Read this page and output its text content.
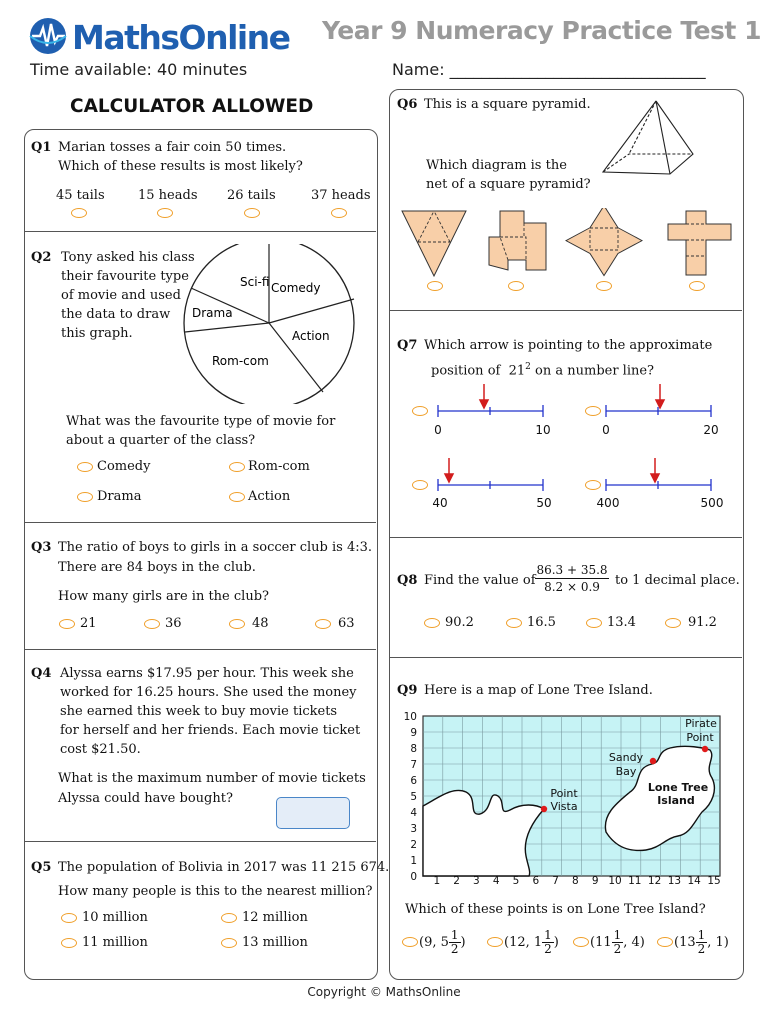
MathsOnline Year 9 Numeracy Practice Test 1
Time available: 40 minutes	Name: ________________________________
CALCULATOR ALLOWED
Q1 Marian tosses a fair coin 50 times.
Which of these results is most likely?
45 tails	15 heads 26 tails	37 heads
Q2 Tony asked his class
their favourite type
of movie and used
the data to draw
this graph.
Sci-fi Comedy
Drama
Action
Rom-com
What was the favourite type of movie for
about a quarter of the class?
Comedy	Rom-com
Drama	Action
Q3 The ratio of boys to girls in a soccer club is 4:3.
There are 84 boys in the club.
How many girls are in the club?
21	36	48	63
Q4 Alyssa earns $17.95 per hour. This week she
worked for 16.25 hours. She used the money
she earned this week to buy movie tickets
for herself and her friends. Each movie ticket
cost $21.50.
What is the maximum number of movie tickets
Alyssa could have bought?
Q5 The population of Bolivia in 2017 was 11 215 674.
How many people is this to the nearest million?
10 million	12 million
11 million	13 million
Q6 This is a square pyramid.
Which diagram is the
net of a square pyramid?
Q7 Which arrow is pointing to the approximate
position of $21^2$ on a number line?
0	10	0	20
40	50	400	500
Q8 Find the value of $\frac{86.3 + 35.8}{8.2 \times 0.9}$ to 1 decimal place.
90.2	16.5	13.4	91.2
Q9 Here is a map of Lone Tree Island.
Pirate
Point
Sandy
Bay
Point
Vista
Lone Tree
Island
1 2 3 4 5 6 7 8 9 10 11 12 13 14 15
1
2
3
4
5
6
7
8
9
10
0
Which of these points is on Lone Tree Island?
(9, $5 \frac{1}{2}$ )	(12, $1 \frac{1}{2}$ ) ($11 \frac{1}{2}$ , 4) ($13 \frac{1}{2}$ , 1)
Copyright © MathsOnline
